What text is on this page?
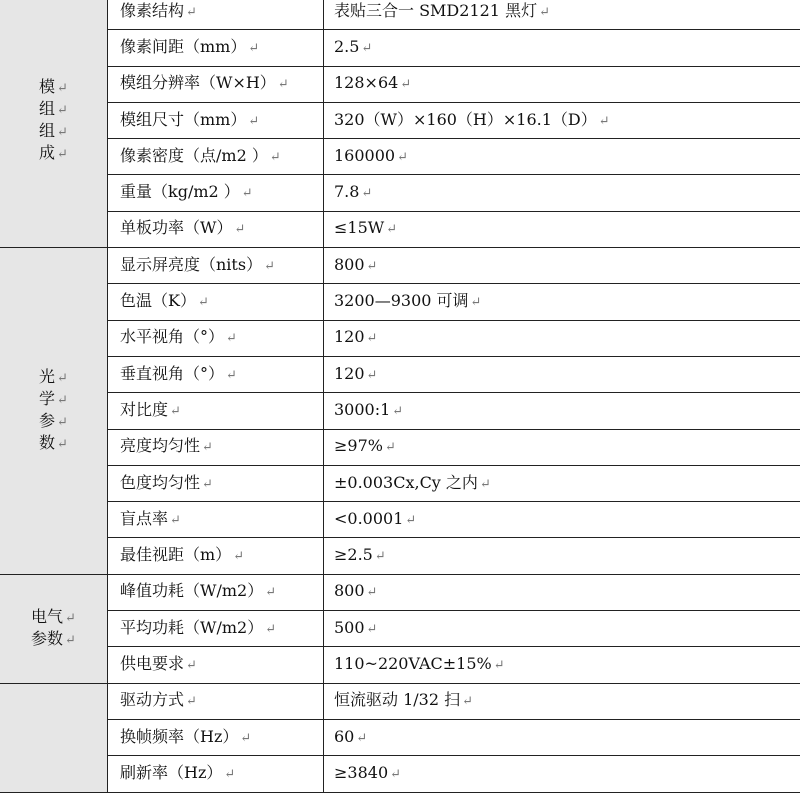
模 ↵
组 ↵
组 ↵
成 ↵	像素结构 ↵	表贴三合一 SMD2121 黑灯 ↵
	像素间距（mm） ↵	2.5 ↵
	模组分辨率（W×H） ↵	128×64 ↵
	模组尺寸（mm） ↵	320（W）×160（H）×16.1（D） ↵
	像素密度（点/m2 ） ↵	160000 ↵
	重量（kg/m2 ） ↵	7.8 ↵
	单板功率（W） ↵	≤15W ↵

光 ↵
学 ↵
参 ↵
数 ↵	显示屏亮度（nits） ↵	800 ↵
	色温（K） ↵	3200—9300 可调 ↵
	水平视角（°） ↵	120 ↵
	垂直视角（°） ↵	120 ↵
	对比度 ↵	3000:1 ↵
	亮度均匀性 ↵	≥97% ↵
	色度均匀性 ↵	±0.003Cx,Cy 之内 ↵
	盲点率 ↵	<0.0001 ↵
	最佳视距（m） ↵	≥2.5 ↵

电气 ↵
参数 ↵	峰值功耗（W/m2） ↵	800 ↵
	平均功耗（W/m2） ↵	500 ↵
	供电要求 ↵	110~220VAC±15% ↵
	驱动方式 ↵	恒流驱动 1/32 扫 ↵
	换帧频率（Hz） ↵	60 ↵
	刷新率（Hz） ↵	≥3840 ↵
